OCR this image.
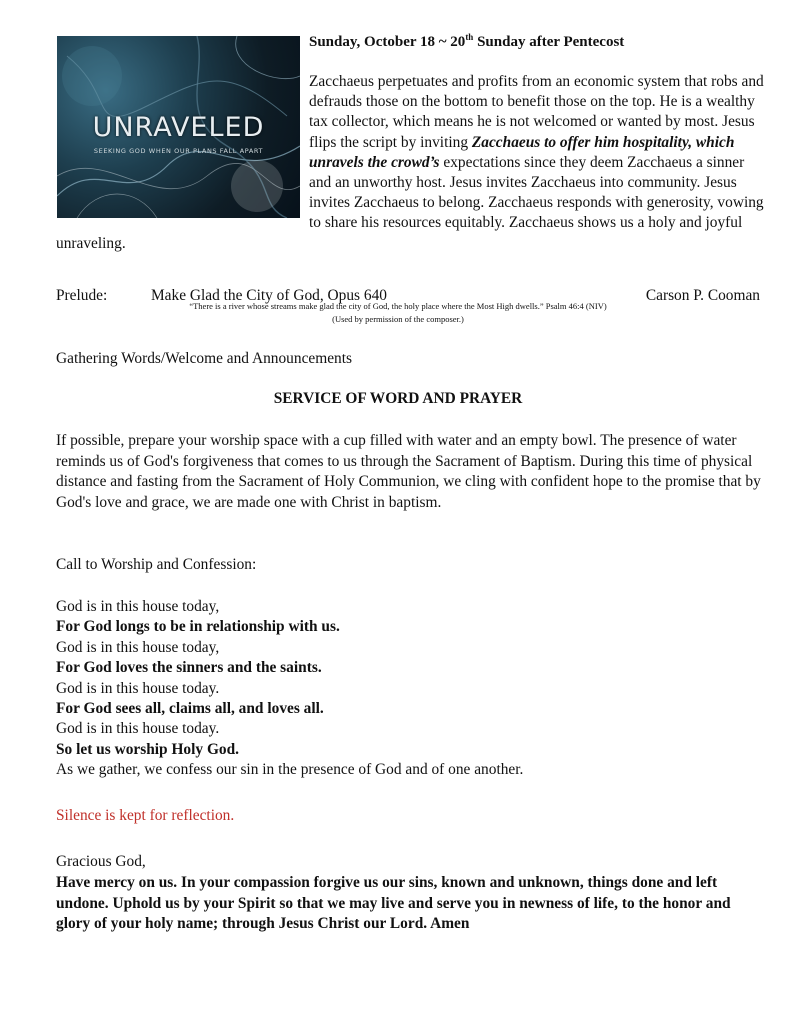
UNRAVELED
SEEKING GOD WHEN OUR PLANS FALL APART
Sunday, October 18 ~ 20th Sunday after Pentecost
Zacchaeus perpetuates and profits from an economic system that robs and defrauds those on the bottom to benefit those on the top. He is a wealthy tax collector, which means he is not welcomed or wanted by most. Jesus flips the script by inviting Zacchaeus to offer him hospitality, which unravels the crowd’s expectations since they deem Zacchaeus a sinner and an unworthy host. Jesus invites Zacchaeus into community. Jesus invites Zacchaeus to belong. Zacchaeus responds with generosity, vowing to share his resources equitably. Zacchaeus shows us a holy and joyful unraveling.
Prelude:	Make Glad the City of God, Opus 640	Carson P. Cooman
“There is a river whose streams make glad the city of God, the holy place where the Most High dwells.” Psalm 46:4 (NIV)
(Used by permission of the composer.)
Gathering Words/Welcome and Announcements
SERVICE OF WORD AND PRAYER
If possible, prepare your worship space with a cup filled with water and an empty bowl. The presence of water reminds us of God's forgiveness that comes to us through the Sacrament of Baptism. During this time of physical distance and fasting from the Sacrament of Holy Communion, we cling with confident hope to the promise that by God's love and grace, we are made one with Christ in baptism.
Call to Worship and Confession:
God is in this house today,
For God longs to be in relationship with us.
God is in this house today,
For God loves the sinners and the saints.
God is in this house today.
For God sees all, claims all, and loves all.
God is in this house today.
So let us worship Holy God.
As we gather, we confess our sin in the presence of God and of one another.
Silence is kept for reflection.
Gracious God,
Have mercy on us. In your compassion forgive us our sins, known and unknown, things done and left undone. Uphold us by your Spirit so that we may live and serve you in newness of life, to the honor and glory of your holy name; through Jesus Christ our Lord. Amen
